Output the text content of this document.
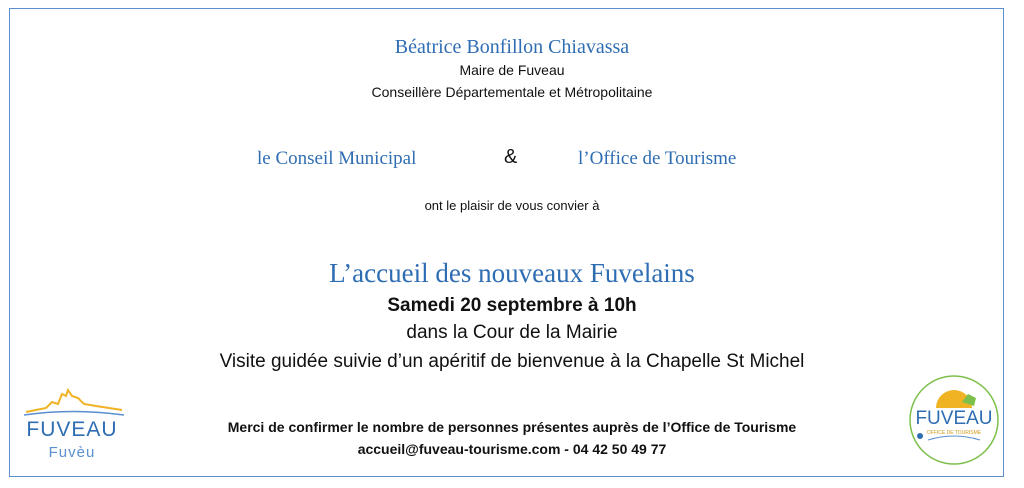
Béatrice Bonfillon Chiavassa
Maire de Fuveau
Conseillère Départementale et Métropolitaine
le Conseil Municipal	&	l’Office de Tourisme
ont le plaisir de vous convier à
L’accueil des nouveaux Fuvelains
Samedi 20 septembre à 10h
dans la Cour de la Mairie
Visite guidée suivie d’un apéritif de bienvenue à la Chapelle St Michel
Merci de confirmer le nombre de personnes présentes auprès de l’Office de Tourisme
accueil@fuveau-tourisme.com - 04 42 50 49 77
FUVEAU
Fuvèu
FUVEAU
OFFICE DE TOURISME
